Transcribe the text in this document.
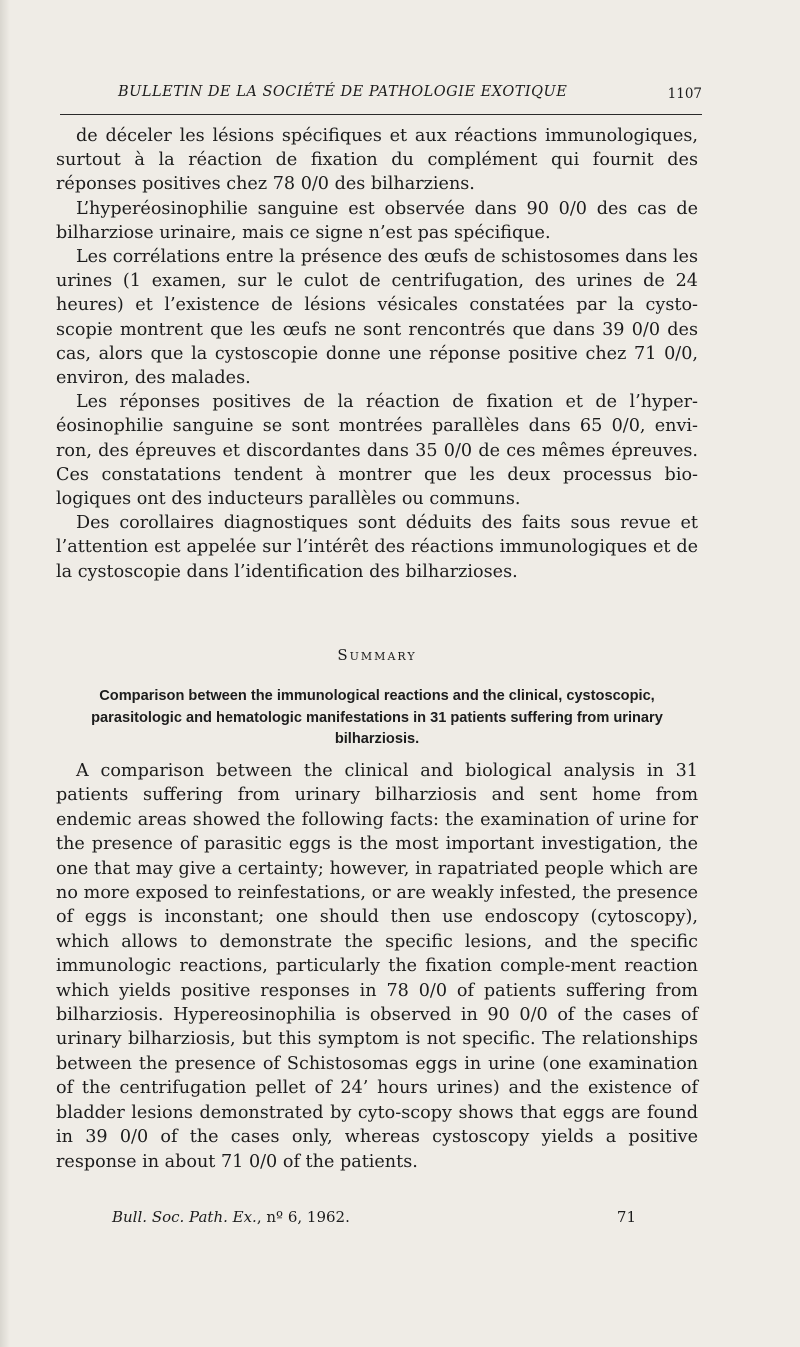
BULLETIN DE LA SOCIÉTÉ DE PATHOLOGIE EXOTIQUE	1107

de déceler les lésions spécifiques et aux réactions immunologiques, surtout à la réaction de fixation du complément qui fournit des réponses positives chez 78 0/0 des bilharziens.

L’hyperéosinophilie sanguine est observée dans 90 0/0 des cas de bilharziose urinaire, mais ce signe n’est pas spécifique.

Les corrélations entre la présence des œufs de schistosomes dans les urines (1 examen, sur le culot de centrifugation, des urines de 24 heures) et l’existence de lésions vésicales constatées par la cysto-scopie montrent que les œufs ne sont rencontrés que dans 39 0/0 des cas, alors que la cystoscopie donne une réponse positive chez 71 0/0, environ, des malades.

Les réponses positives de la réaction de fixation et de l’hyper-éosinophilie sanguine se sont montrées parallèles dans 65 0/0, envi-ron, des épreuves et discordantes dans 35 0/0 de ces mêmes épreuves. Ces constatations tendent à montrer que les deux processus bio-logiques ont des inducteurs parallèles ou communs.

Des corollaires diagnostiques sont déduits des faits sous revue et l’attention est appelée sur l’intérêt des réactions immunologiques et de la cystoscopie dans l’identification des bilharzioses.

Summary
Comparison between the immunological reactions and the clinical, cystoscopic, parasitologic and hematologic manifestations in 31 patients suffering from urinary bilharziosis.

A comparison between the clinical and biological analysis in 31 patients suffering from urinary bilharziosis and sent home from endemic areas showed the following facts: the examination of urine for the presence of parasitic eggs is the most important investigation, the one that may give a certainty; however, in rapatriated people which are no more exposed to reinfestations, or are weakly infested, the presence of eggs is inconstant; one should then use endoscopy (cytoscopy), which allows to demonstrate the specific lesions, and the specific immunologic reactions, particularly the fixation comple-ment reaction which yields positive responses in 78 0/0 of patients suffering from bilharziosis. Hypereosinophilia is observed in 90 0/0 of the cases of urinary bilharziosis, but this symptom is not specific. The relationships between the presence of Schistosomas eggs in urine (one examination of the centrifugation pellet of 24’ hours urines) and the existence of bladder lesions demonstrated by cyto-scopy shows that eggs are found in 39 0/0 of the cases only, whereas cystoscopy yields a positive response in about 71 0/0 of the patients.

Bull. Soc. Path. Ex., nº 6, 1962.	71
